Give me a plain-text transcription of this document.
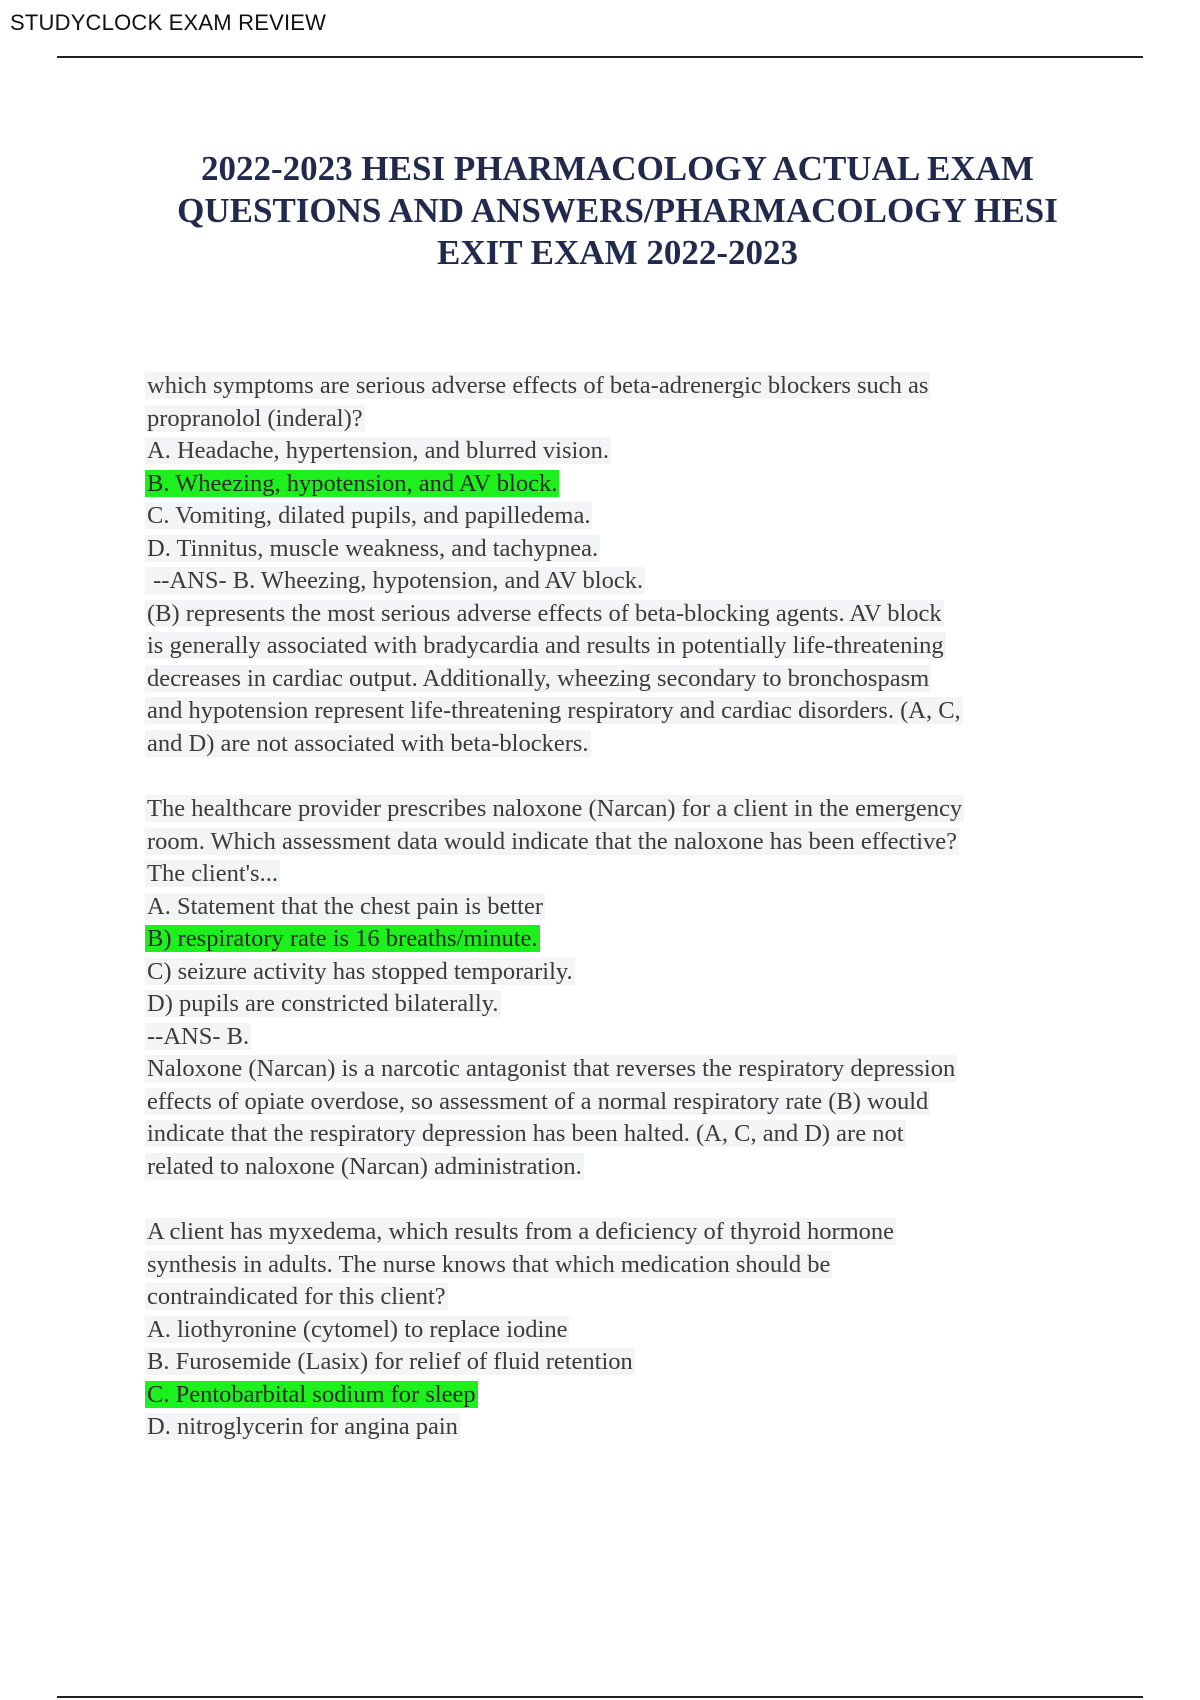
STUDYCLOCK EXAM REVIEW
2022-2023 HESI PHARMACOLOGY ACTUAL EXAM
QUESTIONS AND ANSWERS/PHARMACOLOGY HESI
EXIT EXAM 2022-2023
which symptoms are serious adverse effects of beta-adrenergic blockers such as
propranolol (inderal)?
A. Headache, hypertension, and blurred vision.
B. Wheezing, hypotension, and AV block.
C. Vomiting, dilated pupils, and papilledema.
D. Tinnitus, muscle weakness, and tachypnea.
--ANS- B. Wheezing, hypotension, and AV block.
(B) represents the most serious adverse effects of beta-blocking agents. AV block
is generally associated with bradycardia and results in potentially life-threatening
decreases in cardiac output. Additionally, wheezing secondary to bronchospasm
and hypotension represent life-threatening respiratory and cardiac disorders. (A, C,
and D) are not associated with beta-blockers.
The healthcare provider prescribes naloxone (Narcan) for a client in the emergency
room. Which assessment data would indicate that the naloxone has been effective?
The client's...
A. Statement that the chest pain is better
B) respiratory rate is 16 breaths/minute.
C) seizure activity has stopped temporarily.
D) pupils are constricted bilaterally.
--ANS- B.
Naloxone (Narcan) is a narcotic antagonist that reverses the respiratory depression
effects of opiate overdose, so assessment of a normal respiratory rate (B) would
indicate that the respiratory depression has been halted. (A, C, and D) are not
related to naloxone (Narcan) administration.
A client has myxedema, which results from a deficiency of thyroid hormone
synthesis in adults. The nurse knows that which medication should be
contraindicated for this client?
A. liothyronine (cytomel) to replace iodine
B. Furosemide (Lasix) for relief of fluid retention
C. Pentobarbital sodium for sleep
D. nitroglycerin for angina pain
